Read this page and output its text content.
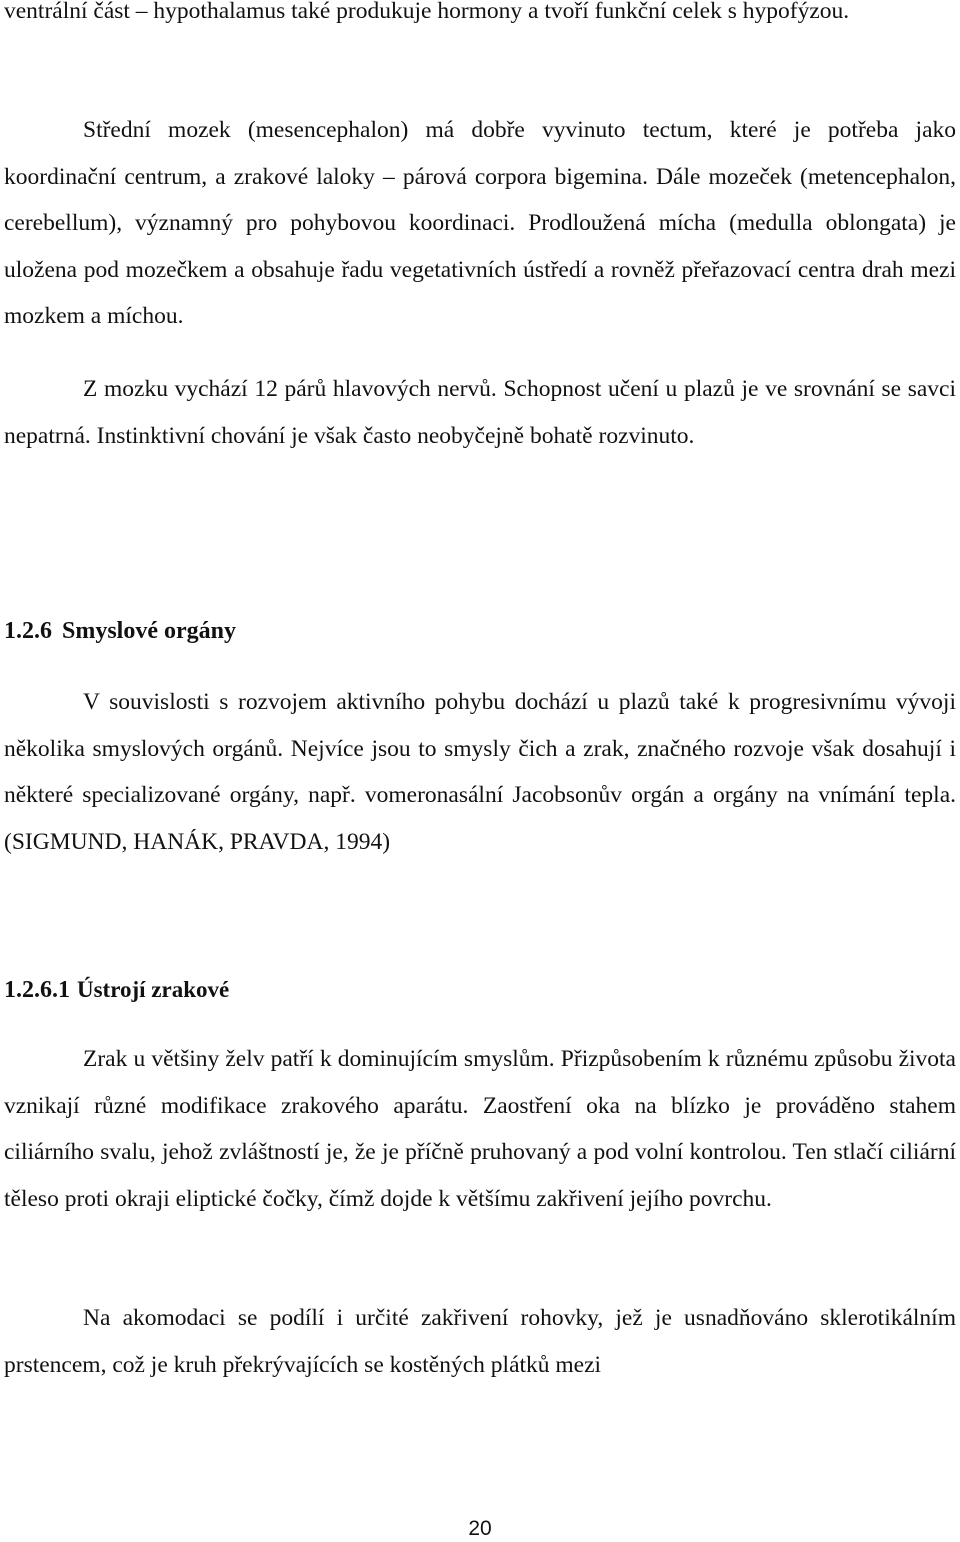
ventrální část – hypothalamus také produkuje hormony a tvoří funkční celek s hypofýzou.

Střední mozek (mesencephalon) má dobře vyvinuto tectum, které je potřeba jako koordinační centrum, a zrakové laloky – párová corpora bigemina. Dále mozeček (metencephalon, cerebellum), významný pro pohybovou koordinaci. Prodloužená mícha (medulla oblongata) je uložena pod mozečkem a obsahuje řadu vegetativních ústředí a rovněž přeřazovací centra drah mezi mozkem a míchou.

Z mozku vychází 12 párů hlavových nervů. Schopnost učení u plazů je ve srovnání se savci nepatrná. Instinktivní chování je však často neobyčejně bohatě rozvinuto.

1.2.6 Smyslové orgány

V souvislosti s rozvojem aktivního pohybu dochází u plazů také k progresivnímu vývoji několika smyslových orgánů. Nejvíce jsou to smysly čich a zrak, značného rozvoje však dosahují i některé specializované orgány, např. vomeronasální Jacobsonův orgán a orgány na vnímání tepla. (SIGMUND, HANÁK, PRAVDA, 1994)

1.2.6.1 Ústrojí zrakové

Zrak u většiny želv patří k dominujícím smyslům. Přizpůsobením k různému způsobu života vznikají různé modifikace zrakového aparátu. Zaostření oka na blízko je prováděno stahem ciliárního svalu, jehož zvláštností je, že je příčně pruhovaný a pod volní kontrolou. Ten stlačí ciliární těleso proti okraji eliptické čočky, čímž dojde k většímu zakřivení jejího povrchu.

Na akomodaci se podílí i určité zakřivení rohovky, jež je usnadňováno sklerotikálním prstencem, což je kruh překrývajících se kostěných plátků mezi

20
